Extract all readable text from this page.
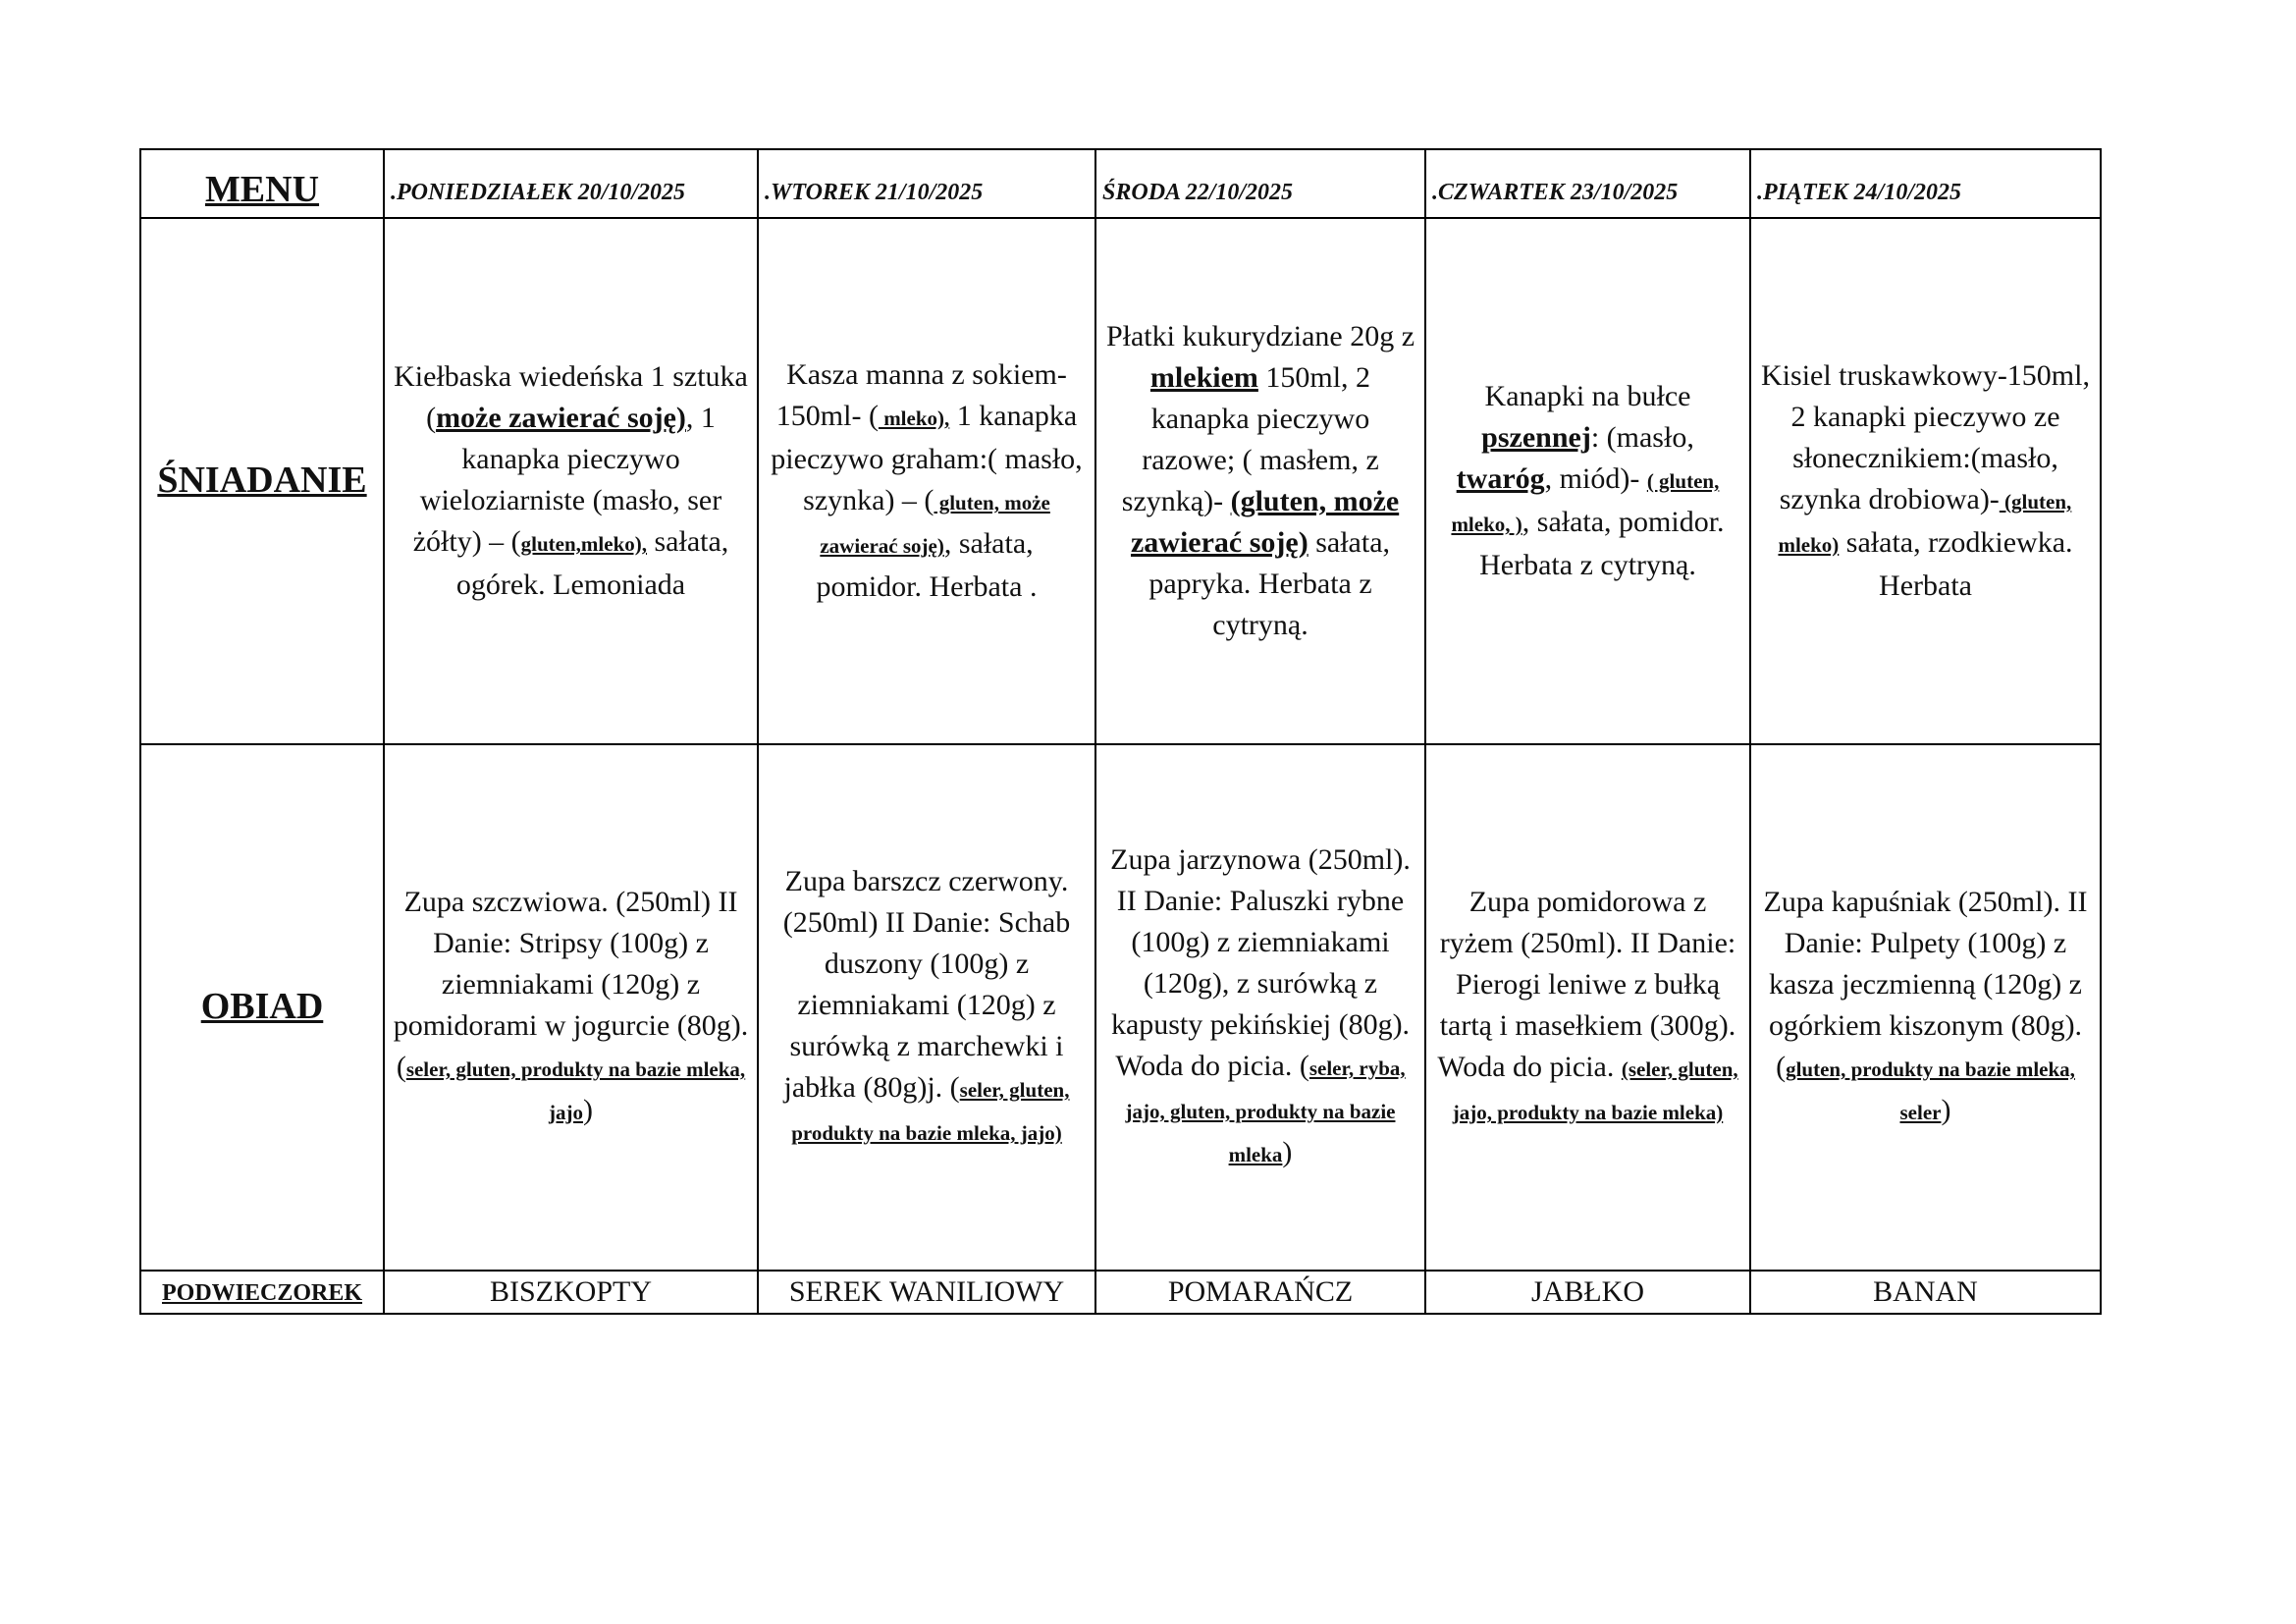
MENU	.PONIEDZIAŁEK 20/10/2025	.WTOREK 21/10/2025	ŚRODA 22/10/2025	.CZWARTEK 23/10/2025	.PIĄTEK 24/10/2025

ŚNIADANIE	Kiełbaska wiedeńska 1 sztuka (może zawierać soję), 1 kanapka pieczywo wieloziarniste (masło, ser żółty) – (gluten,mleko), sałata, ogórek. Lemoniada	Kasza manna z sokiem-150ml- ( mleko), 1 kanapka pieczywo graham:( masło, szynka) – ( gluten, może zawierać soję), sałata, pomidor. Herbata .	Płatki kukurydziane 20g z mlekiem 150ml, 2 kanapka pieczywo razowe; ( masłem, z szynką)- (gluten, może zawierać soję) sałata, papryka. Herbata z cytryną.	Kanapki na bułce pszennej: (masło, twaróg, miód)- ( gluten, mleko, ), sałata, pomidor. Herbata z cytryną.	Kisiel truskawkowy-150ml, 2 kanapki pieczywo ze słonecznikiem:(masło, szynka drobiowa)- (gluten, mleko) sałata, rzodkiewka. Herbata
OBIAD	Zupa szczwiowa. (250ml) II Danie: Stripsy (100g) z ziemniakami (120g) z pomidorami w jogurcie (80g). (seler, gluten, produkty na bazie mleka, jajo)	Zupa barszcz czerwony. (250ml) II Danie: Schab duszony (100g) z ziemniakami (120g) z surówką z marchewki i jabłka (80g)j. (seler, gluten, produkty na bazie mleka, jajo)	Zupa jarzynowa (250ml). II Danie: Paluszki rybne (100g) z ziemniakami (120g), z surówką z kapusty pekińskiej (80g). Woda do picia. (seler, ryba, jajo, gluten, produkty na bazie mleka)	Zupa pomidorowa z ryżem (250ml). II Danie: Pierogi leniwe z bułką tartą i masełkiem (300g). Woda do picia. (seler, gluten, jajo, produkty na bazie mleka)	Zupa kapuśniak (250ml). II Danie: Pulpety (100g) z kasza jeczmienną (120g) z ogórkiem kiszonym (80g). (gluten, produkty na bazie mleka, seler)
PODWIECZOREK	BISZKOPTY	SEREK WANILIOWY	POMARAŃCZ	JABŁKO	BANAN
